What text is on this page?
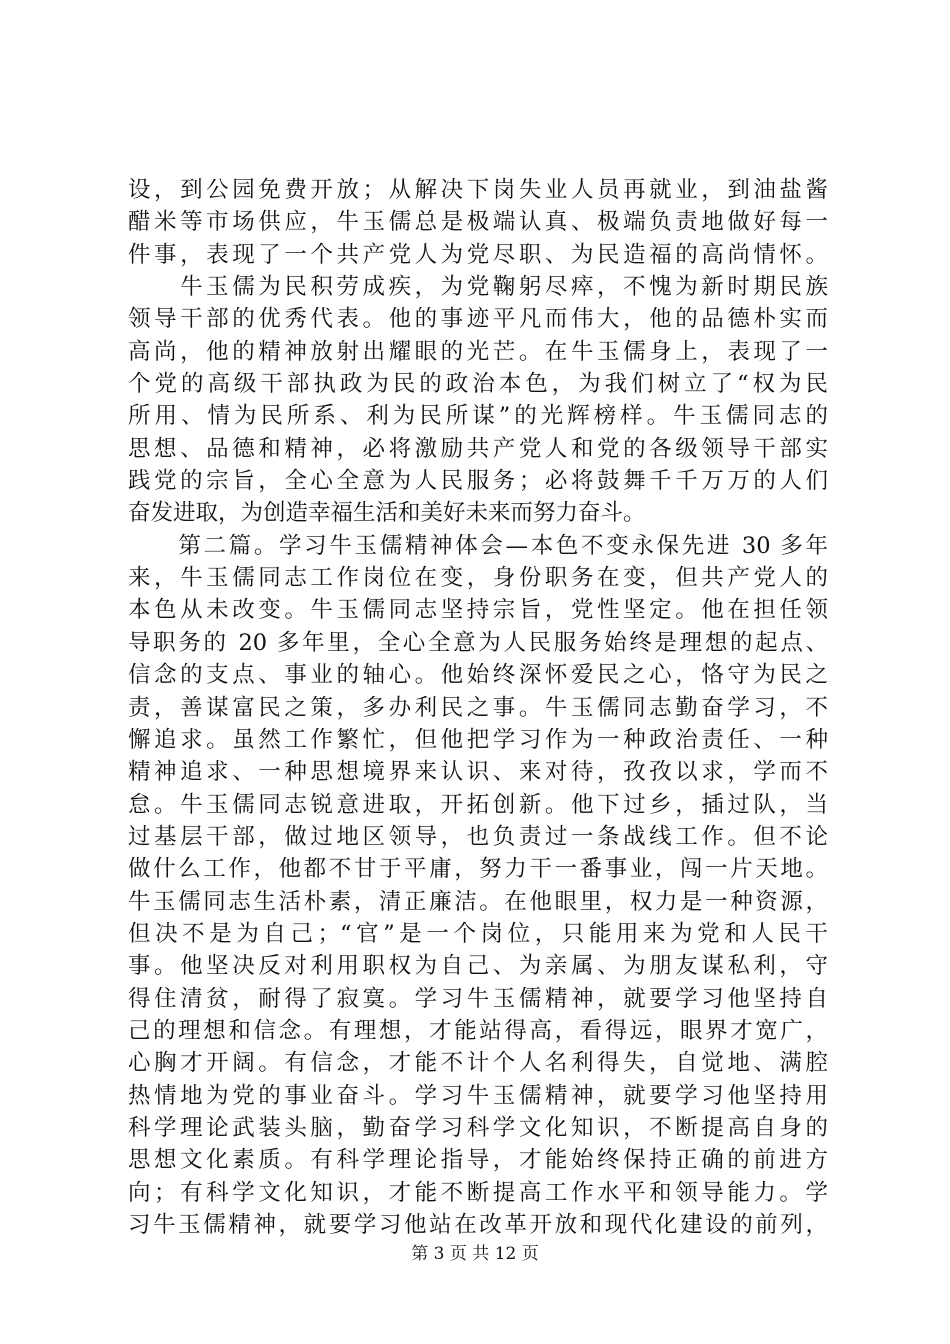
设，到公园免费开放；从解决下岗失业人员再就业，到油盐酱
醋米等市场供应，牛玉儒总是极端认真、极端负责地做好每一
件事，表现了一个共产党人为党尽职、为民造福的高尚情怀。
　　牛玉儒为民积劳成疾，为党鞠躬尽瘁，不愧为新时期民族
领导干部的优秀代表。他的事迹平凡而伟大，他的品德朴实而
高尚，他的精神放射出耀眼的光芒。在牛玉儒身上，表现了一
个党的高级干部执政为民的政治本色，为我们树立了“权为民
所用、情为民所系、利为民所谋”的光辉榜样。牛玉儒同志的
思想、品德和精神，必将激励共产党人和党的各级领导干部实
践党的宗旨，全心全意为人民服务；必将鼓舞千千万万的人们
奋发进取，为创造幸福生活和美好未来而努力奋斗。
　　第二篇。学习牛玉儒精神体会—本色不变永保先进 30 多年
来，牛玉儒同志工作岗位在变，身份职务在变，但共产党人的
本色从未改变。牛玉儒同志坚持宗旨，党性坚定。他在担任领
导职务的 20 多年里，全心全意为人民服务始终是理想的起点、
信念的支点、事业的轴心。他始终深怀爱民之心，恪守为民之
责，善谋富民之策，多办利民之事。牛玉儒同志勤奋学习，不
懈追求。虽然工作繁忙，但他把学习作为一种政治责任、一种
精神追求、一种思想境界来认识、来对待，孜孜以求，学而不
怠。牛玉儒同志锐意进取，开拓创新。他下过乡，插过队，当
过基层干部，做过地区领导，也负责过一条战线工作。但不论
做什么工作，他都不甘于平庸，努力干一番事业，闯一片天地。
牛玉儒同志生活朴素，清正廉洁。在他眼里，权力是一种资源，
但决不是为自己；“官”是一个岗位，只能用来为党和人民干
事。他坚决反对利用职权为自己、为亲属、为朋友谋私利，守
得住清贫，耐得了寂寞。学习牛玉儒精神，就要学习他坚持自
己的理想和信念。有理想，才能站得高，看得远，眼界才宽广，
心胸才开阔。有信念，才能不计个人名利得失，自觉地、满腔
热情地为党的事业奋斗。学习牛玉儒精神，就要学习他坚持用
科学理论武装头脑，勤奋学习科学文化知识，不断提高自身的
思想文化素质。有科学理论指导，才能始终保持正确的前进方
向；有科学文化知识，才能不断提高工作水平和领导能力。学
习牛玉儒精神，就要学习他站在改革开放和现代化建设的前列，
第 3 页 共 12 页
